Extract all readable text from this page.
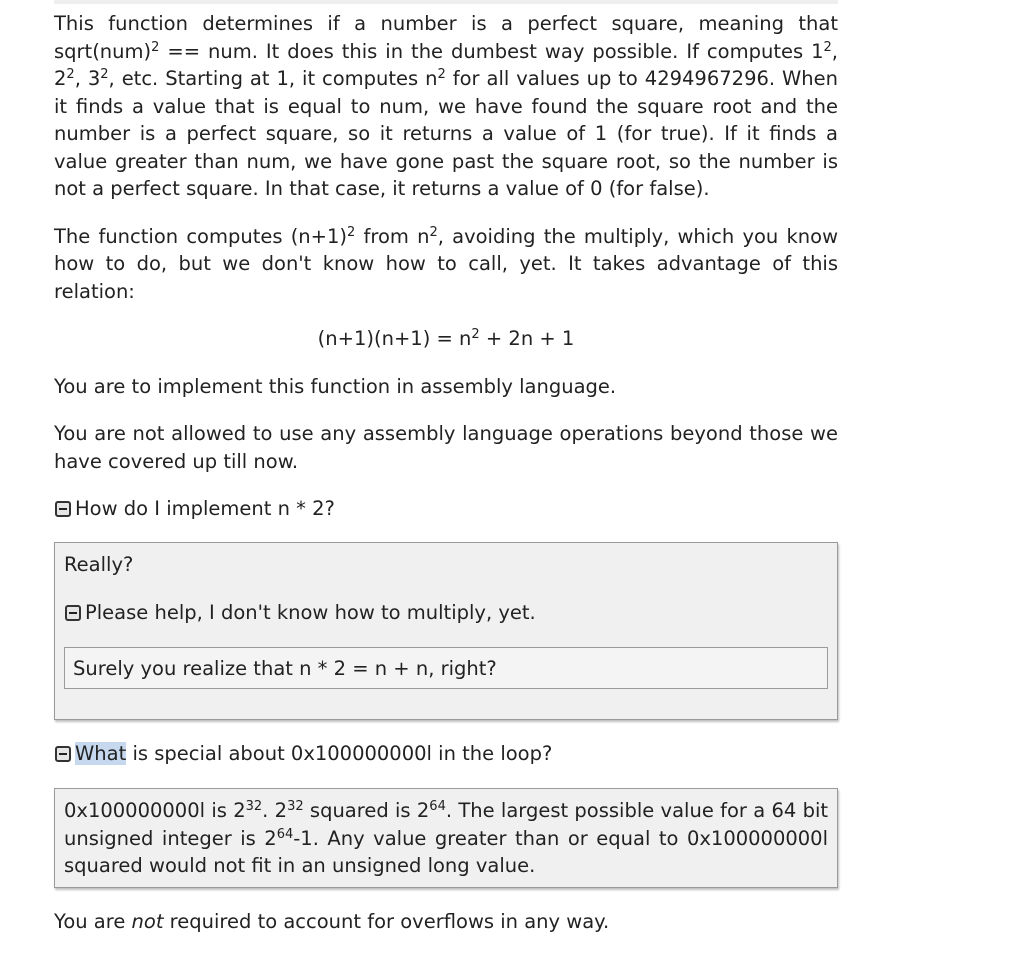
This function determines if a number is a perfect square, meaning that sqrt(num)$^2$ == num. It does this in the dumbest way possible. If computes $1^2$, $2^2$, $3^2$, etc. Starting at 1, it computes $n^2$ for all values up to 4294967296. When it finds a value that is equal to num, we have found the square root and the number is a perfect square, so it returns a value of 1 (for true). If it finds a value greater than num, we have gone past the square root, so the number is not a perfect square. In that case, it returns a value of 0 (for false).

The function computes $(n+1)^2$ from $n^2$, avoiding the multiply, which you know how to do, but we don't know how to call, yet. It takes advantage of this relation:

$(n+1)(n+1) = n^2 + 2n + 1$

You are to implement this function in assembly language.

You are not allowed to use any assembly language operations beyond those we have covered up till now.

How do I implement n * 2?
Really?
Please help, I don't know how to multiply, yet.
Surely you realize that n * 2 = n + n, right?
What is special about 0x100000000l in the loop?
0x100000000l is $2^{32}$. $2^{32}$ squared is $2^{64}$. The largest possible value for a 64 bit unsigned integer is $2^{64}-1$. Any value greater than or equal to 0x100000000l squared would not fit in an unsigned long value.

You are not required to account for overflows in any way.
